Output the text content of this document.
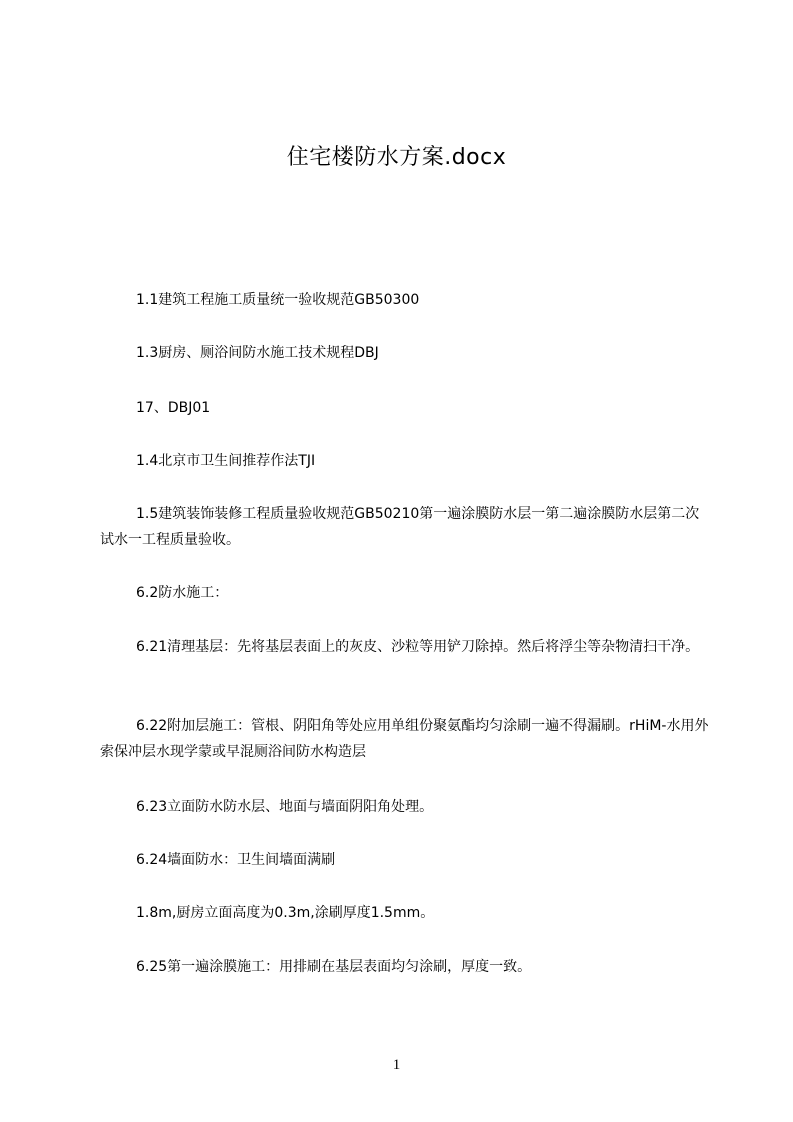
住宅楼防水方案.docx
1.1建筑工程施工质量统一验收规范GB50300
1.3厨房、厕浴间防水施工技术规程DBJ
17、DBJ01
1.4北京市卫生间推荐作法TJI
1.5建筑装饰装修工程质量验收规范GB50210第一遍涂膜防水层一第二遍涂膜防水层第二次试水一工程质量验收。
6.2防水施工：
6.21清理基层：先将基层表面上的灰皮、沙粒等用铲刀除掉。然后将浮尘等杂物清扫干净。
6.22附加层施工：管根、阴阳角等处应用单组份聚氨酯均匀涂刷一遍不得漏刷。rHiM-水用外索保冲层水现学蒙或早混厕浴间防水构造层
6.23立面防水防水层、地面与墙面阴阳角处理。
6.24墙面防水：卫生间墙面满刷
1.8m,厨房立面高度为0.3m,涂刷厚度1.5mm。
6.25第一遍涂膜施工：用排刷在基层表面均匀涂刷，厚度一致。
1
